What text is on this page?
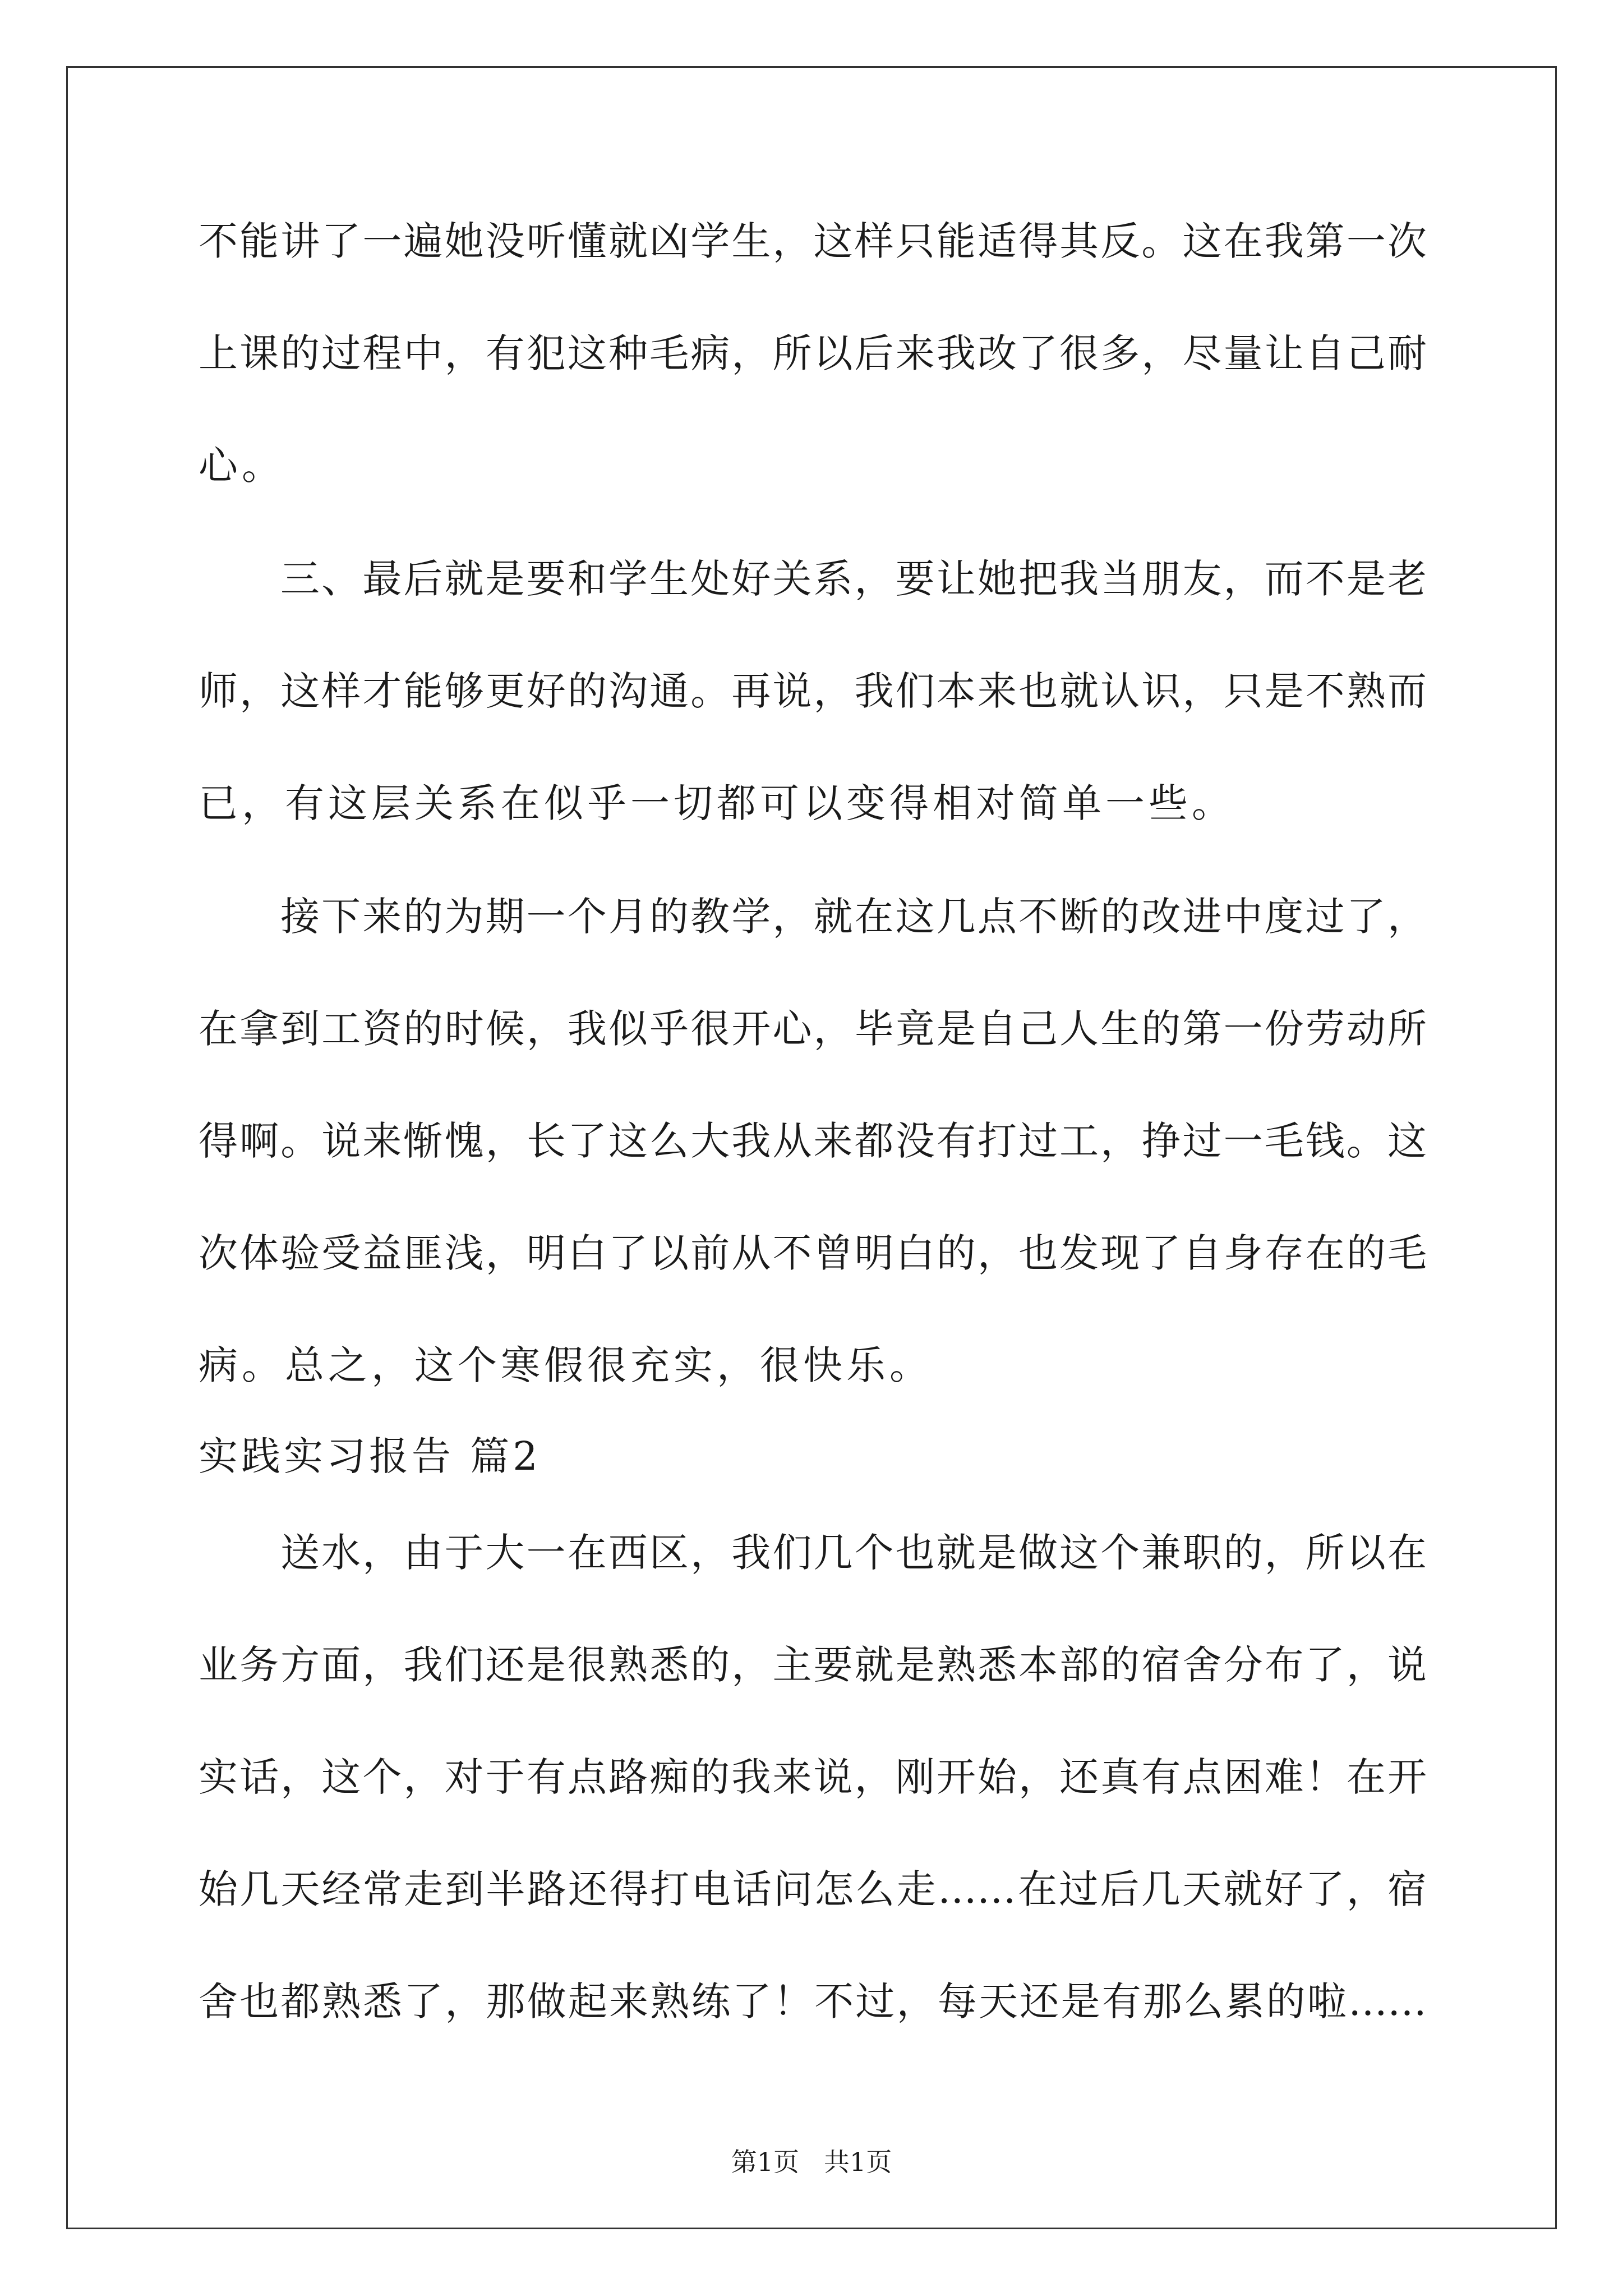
不能讲了一遍她没听懂就凶学生，这样只能适得其反。这在我第一次
上课的过程中，有犯这种毛病，所以后来我改了很多，尽量让自己耐
心。
三、最后就是要和学生处好关系，要让她把我当朋友，而不是老
师，这样才能够更好的沟通。再说，我们本来也就认识，只是不熟而
已，有这层关系在似乎一切都可以变得相对简单一些。
接下来的为期一个月的教学，就在这几点不断的改进中度过了，
在拿到工资的时候，我似乎很开心，毕竟是自己人生的第一份劳动所
得啊。说来惭愧，长了这么大我从来都没有打过工，挣过一毛钱。这
次体验受益匪浅，明白了以前从不曾明白的，也发现了自身存在的毛
病。总之，这个寒假很充实，很快乐。
实践实习报告 篇2
送水，由于大一在西区，我们几个也就是做这个兼职的，所以在
业务方面，我们还是很熟悉的，主要就是熟悉本部的宿舍分布了，说
实话，这个，对于有点路痴的我来说，刚开始，还真有点困难！在开
始几天经常走到半路还得打电话问怎么走……在过后几天就好了，宿
舍也都熟悉了，那做起来熟练了！不过，每天还是有那么累的啦……
第1页 共1页
